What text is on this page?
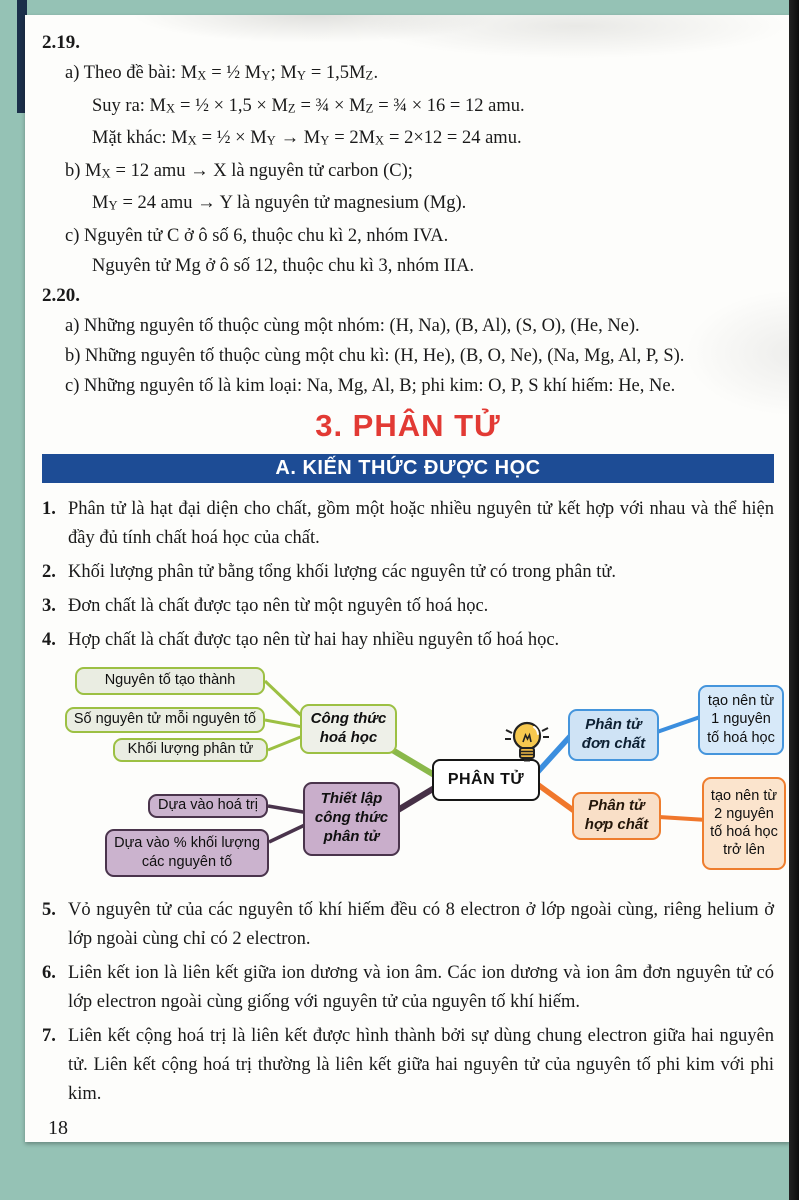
2.19.
a) Theo đề bài: $M_X$ = ½ $M_Y$; $M_Y = 1,5M_Z$.
Suy ra: $M_X$ = ½ × $1,5 \times M_Z$ = ¾ × $M_Z$ = ¾ × 16 = 12 amu.
Mặt khác: $M_X$ = ½ × $M_Y \to M_Y = 2M_X = 2\times 12 = 24$ amu.
b) $M_X = 12$ amu → X là nguyên tử carbon (C);
$M_Y = 24$ amu → Y là nguyên tử magnesium (Mg).
c) Nguyên tử C ở ô số 6, thuộc chu kì 2, nhóm IVA.
Nguyên tử Mg ở ô số 12, thuộc chu kì 3, nhóm IIA.
2.20.
a) Những nguyên tố thuộc cùng một nhóm: (H, Na), (B, Al), (S, O), (He, Ne).
b) Những nguyên tố thuộc cùng một chu kì: (H, He), (B, O, Ne), (Na, Mg, Al, P, S).
c) Những nguyên tố là kim loại: Na, Mg, Al, B; phi kim: O, P, S khí hiếm: He, Ne.
3. PHÂN TỬ
A. KIẾN THỨC ĐƯỢC HỌC
1. Phân tử là hạt đại diện cho chất, gồm một hoặc nhiều nguyên tử kết hợp với nhau và thể hiện đầy đủ tính chất hoá học của chất.
2. Khối lượng phân tử bằng tổng khối lượng các nguyên tử có trong phân tử.
3. Đơn chất là chất được tạo nên từ một nguyên tố hoá học.
4. Hợp chất là chất được tạo nên từ hai hay nhiều nguyên tố hoá học.
Nguyên tố tạo thành
Số nguyên tử mỗi nguyên tố
Khối lượng phân tử
Công thức hoá học
Dựa vào hoá trị
Dựa vào % khối lượng các nguyên tố
Thiết lập công thức phân tử
PHÂN TỬ
Phân tử đơn chất
tạo nên từ 1 nguyên tố hoá học
Phân tử hợp chất
tạo nên từ 2 nguyên tố hoá học trở lên
5. Vỏ nguyên tử của các nguyên tố khí hiếm đều có 8 electron ở lớp ngoài cùng, riêng helium ở lớp ngoài cùng chỉ có 2 electron.
6. Liên kết ion là liên kết giữa ion dương và ion âm. Các ion dương và ion âm đơn nguyên tử có lớp electron ngoài cùng giống với nguyên tử của nguyên tố khí hiếm.
7. Liên kết cộng hoá trị là liên kết được hình thành bởi sự dùng chung electron giữa hai nguyên tử. Liên kết cộng hoá trị thường là liên kết giữa hai nguyên tử của nguyên tố phi kim với phi kim.
18
